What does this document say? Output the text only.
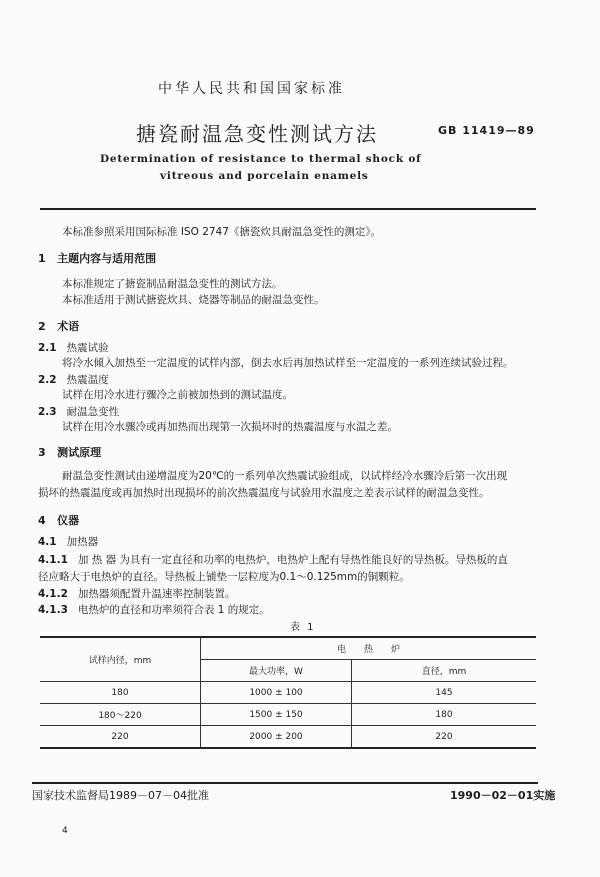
中华人民共和国国家标准
搪瓷耐温急变性测试方法	GB 11419—89
Determination of resistance to thermal shock of
vitreous and porcelain enamels
本标准参照采用国际标准 ISO 2747《搪瓷炊具耐温急变性的测定》。
1 主题内容与适用范围
本标准规定了搪瓷制品耐温急变性的测试方法。
本标准适用于测试搪瓷炊具、烧器等制品的耐温急变性。
2 术语
2.1 热震试验
将冷水倾入加热至一定温度的试样内部，倒去水后再加热试样至一定温度的一系列连续试验过程。
2.2 热震温度
试样在用冷水进行骤冷之前被加热到的测试温度。
2.3 耐温急变性
试样在用冷水骤冷或再加热而出现第一次损坏时的热震温度与水温之差。
3 测试原理
耐温急变性测试由递增温度为20℃的一系列单次热震试验组成，以试样经冷水骤冷后第一次出现
损坏的热震温度或再加热时出现损坏的前次热震温度与试验用水温度之差表示试样的耐温急变性。
4 仪器
4.1 加热器
4.1.1 加 热 器 为具有一定直径和功率的电热炉，电热炉上配有导热性能良好的导热板。导热板的直
径应略大于电热炉的直径。导热板上铺垫一层粒度为0.1～0.125mm的铜颗粒。
4.1.2 加热器须配置升温速率控制装置。
4.1.3 电热炉的直径和功率须符合表 1 的规定。
表 1
试样内径，mm	电　　热　　炉	
	最大功率，W	直径，mm
180	1000 ± 100	145
180～220	1500 ± 150	180
220	2000 ± 200	220
国家技术监督局1989－07－04批准	1990－02－01实施
4
